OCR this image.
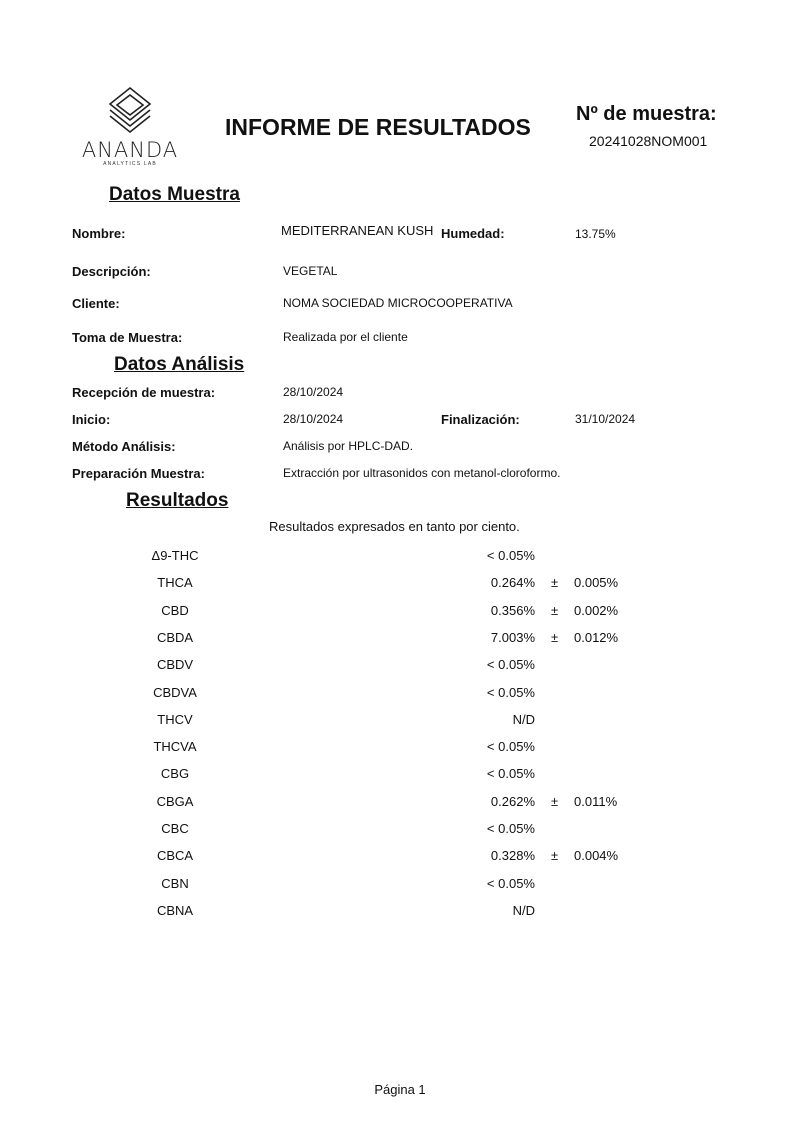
ANANDA
ANALYTICS LAB
INFORME DE RESULTADOS Nº de muestra:
20241028NOM001
Datos Muestra
Nombre:	MEDITERRANEAN KUSH Humedad:	13.75%
Descripción:	VEGETAL
Cliente:	NOMA SOCIEDAD MICROCOOPERATIVA
Toma de Muestra:	Realizada por el cliente
Datos Análisis
Recepción de muestra:	28/10/2024
Inicio:	28/10/2024	Finalización:	31/10/2024
Método Análisis:	Análisis por HPLC-DAD.
Preparación Muestra:	Extracción por ultrasonidos con metanol-cloroformo.
Resultados
Resultados expresados en tanto por ciento.
Δ9-THC	< 0.05%
THCA	0.264% ± 0.005%
CBD	0.356% ± 0.002%
CBDA	7.003% ± 0.012%
CBDV	< 0.05%
CBDVA	< 0.05%
THCV	N/D
THCVA	< 0.05%
CBG	< 0.05%
CBGA	0.262% ± 0.011%
CBC	< 0.05%
CBCA	0.328% ± 0.004%
CBN	< 0.05%
CBNA	N/D
Página 1
